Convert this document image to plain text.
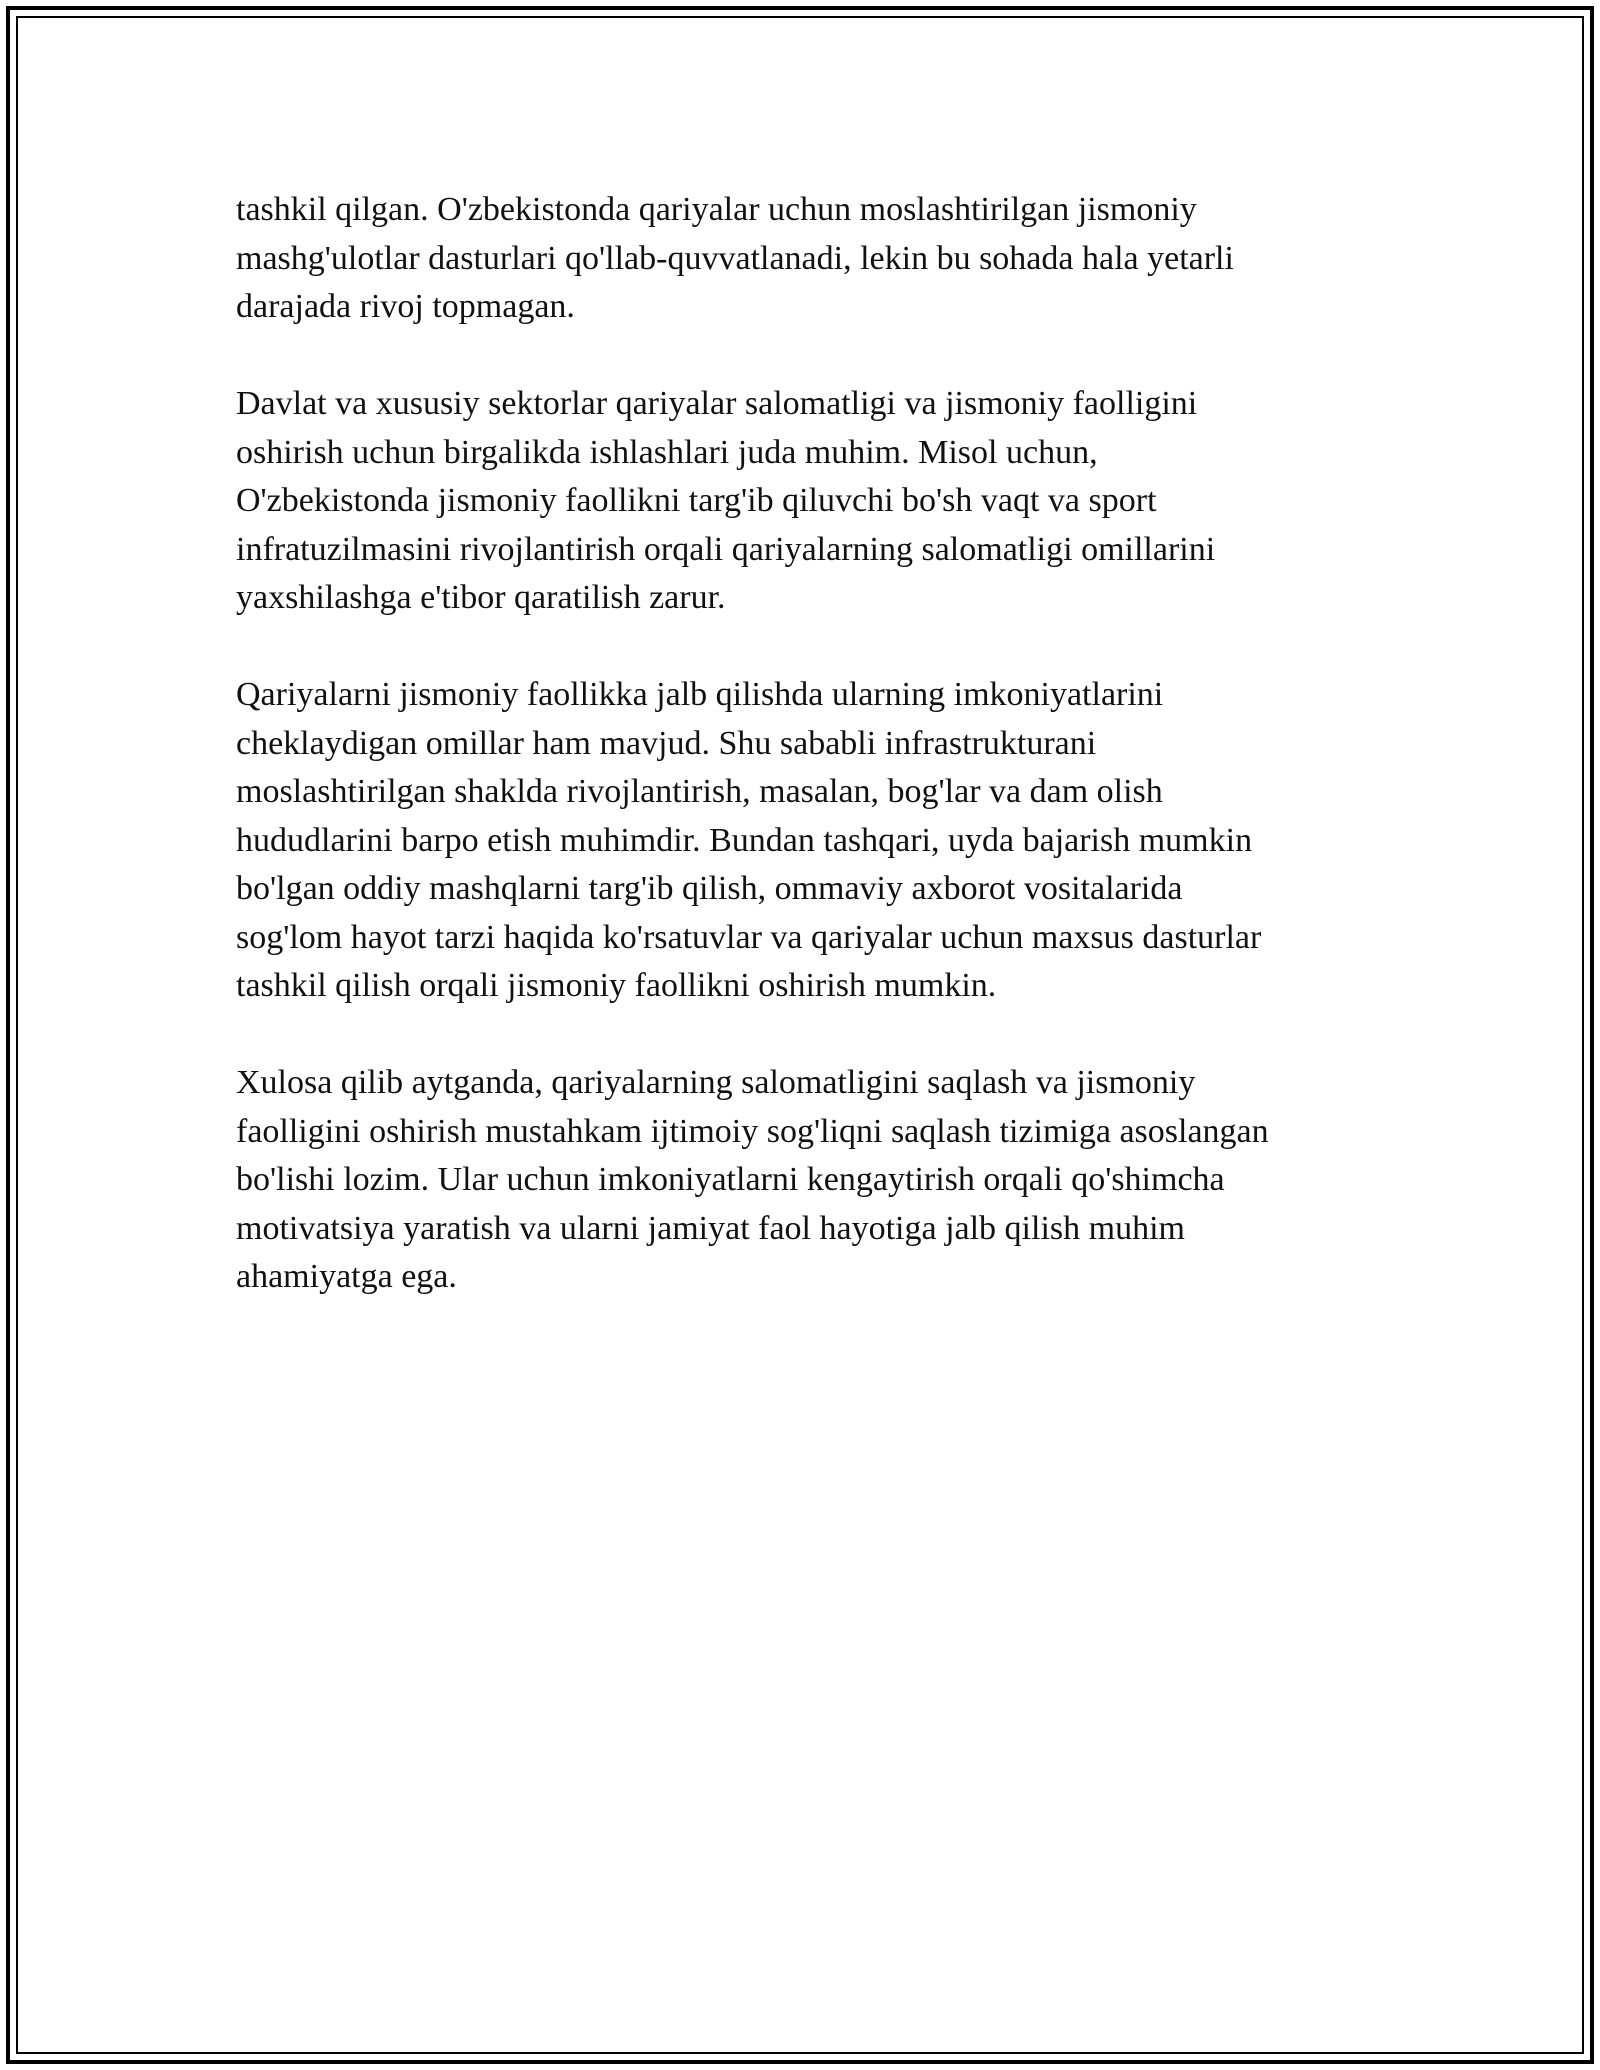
tashkil qilgan. O'zbekistonda qariyalar uchun moslashtirilgan jismoniy
mashg'ulotlar dasturlari qo'llab-quvvatlanadi, lekin bu sohada hala yetarli
darajada rivoj topmagan.

Davlat va xususiy sektorlar qariyalar salomatligi va jismoniy faolligini
oshirish uchun birgalikda ishlashlari juda muhim. Misol uchun,
O'zbekistonda jismoniy faollikni targ'ib qiluvchi bo'sh vaqt va sport
infratuzilmasini rivojlantirish orqali qariyalarning salomatligi omillarini
yaxshilashga e'tibor qaratilish zarur.

Qariyalarni jismoniy faollikka jalb qilishda ularning imkoniyatlarini
cheklaydigan omillar ham mavjud. Shu sababli infrastrukturani
moslashtirilgan shaklda rivojlantirish, masalan, bog'lar va dam olish
hududlarini barpo etish muhimdir. Bundan tashqari, uyda bajarish mumkin
bo'lgan oddiy mashqlarni targ'ib qilish, ommaviy axborot vositalarida
sog'lom hayot tarzi haqida ko'rsatuvlar va qariyalar uchun maxsus dasturlar
tashkil qilish orqali jismoniy faollikni oshirish mumkin.

Xulosa qilib aytganda, qariyalarning salomatligini saqlash va jismoniy
faolligini oshirish mustahkam ijtimoiy sog'liqni saqlash tizimiga asoslangan
bo'lishi lozim. Ular uchun imkoniyatlarni kengaytirish orqali qo'shimcha
motivatsiya yaratish va ularni jamiyat faol hayotiga jalb qilish muhim
ahamiyatga ega.
